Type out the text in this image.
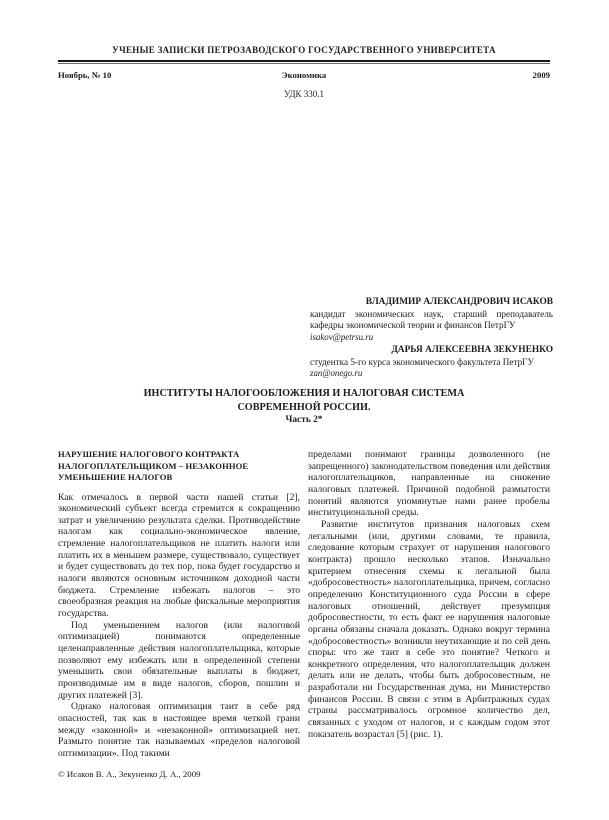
УЧЕНЫЕ ЗАПИСКИ ПЕТРОЗАВОДСКОГО ГОСУДАРСТВЕННОГО УНИВЕРСИТЕТА
Ноябрь, № 10	Экономика	2009
УДК 330.1
ВЛАДИМИР АЛЕКСАНДРОВИЧ ИСАКОВ
кандидат экономических наук, старший преподаватель кафедры экономической теории и финансов ПетрГУ
isakov@petrsu.ru
ДАРЬЯ АЛЕКСЕЕВНА ЗЕКУНЕНКО
студентка 5-го курса экономического факультета ПетрГУ
zan@onego.ru
ИНСТИТУТЫ НАЛОГООБЛОЖЕНИЯ И НАЛОГОВАЯ СИСТЕМА
СОВРЕМЕННОЙ РОССИИ.
Часть 2*
НАРУШЕНИЕ НАЛОГОВОГО КОНТРАКТА НАЛОГОПЛАТЕЛЬЩИКОМ – НЕЗАКОННОЕ УМЕНЬШЕНИЕ НАЛОГОВ

Как отмечалось в первой части нашей статьи [2], экономический субъект всегда стремится к сокращению затрат и увеличению результата сделки. Противодействие налогам как социально-экономическое явление, стремление налогоплательщиков не платить налоги или платить их в меньшем размере, существовало, существует и будет существовать до тех пор, пока будет государство и налоги являются основным источником доходной части бюджета. Стремление избежать налогов – это своеобразная реакция на любые фискальные мероприятия государства.

Под уменьшением налогов (или налоговой оптимизацией) понимаются определенные целенаправленные действия налогоплательщика, которые позволяют ему избежать или в определенной степени уменьшить свои обязательные выплаты в бюджет, производимые им в виде налогов, сборов, пошлин и других платежей [3].

Однако налоговая оптимизация таит в себе ряд опасностей, так как в настоящее время четкой грани между «законной» и «незаконной» оптимизацией нет. Размыто понятие так называемых «пределов налоговой оптимизации». Под такими

пределами понимают границы дозволенного (не запрещенного) законодательством поведения или действия налогоплательщиков, направленные на снижение налоговых платежей. Причиной подобной размытости понятий являются упомянутые нами ранее пробелы институциональной среды.

Развитие институтов признания налоговых схем легальными (или, другими словами, те правила, следование которым страхует от нарушения налогового контракта) прошло несколько этапов. Изначально критерием отнесения схемы к легальной была «добросовестность» налогоплательщика, причем, согласно определению Конституционного суда России в сфере налоговых отношений, действует презумпция добросовестности, то есть факт ее нарушения налоговые органы обязаны сначала доказать. Однако вокруг термина «добросовестность» возникли неутихающие и по сей день споры: что же таит в себе это понятие? Четкого и конкретного определения, что налогоплательщик должен делать или не делать, чтобы быть добросовестным, не разработали ни Государственная дума, ни Министерство финансов России. В связи с этим в Арбитражных судах страны рассматривалось огромное количество дел, связанных с уходом от налогов, и с каждым годом этот показатель возрастал [5] (рис. 1).

© Исаков В. А., Зекуненко Д. А., 2009
